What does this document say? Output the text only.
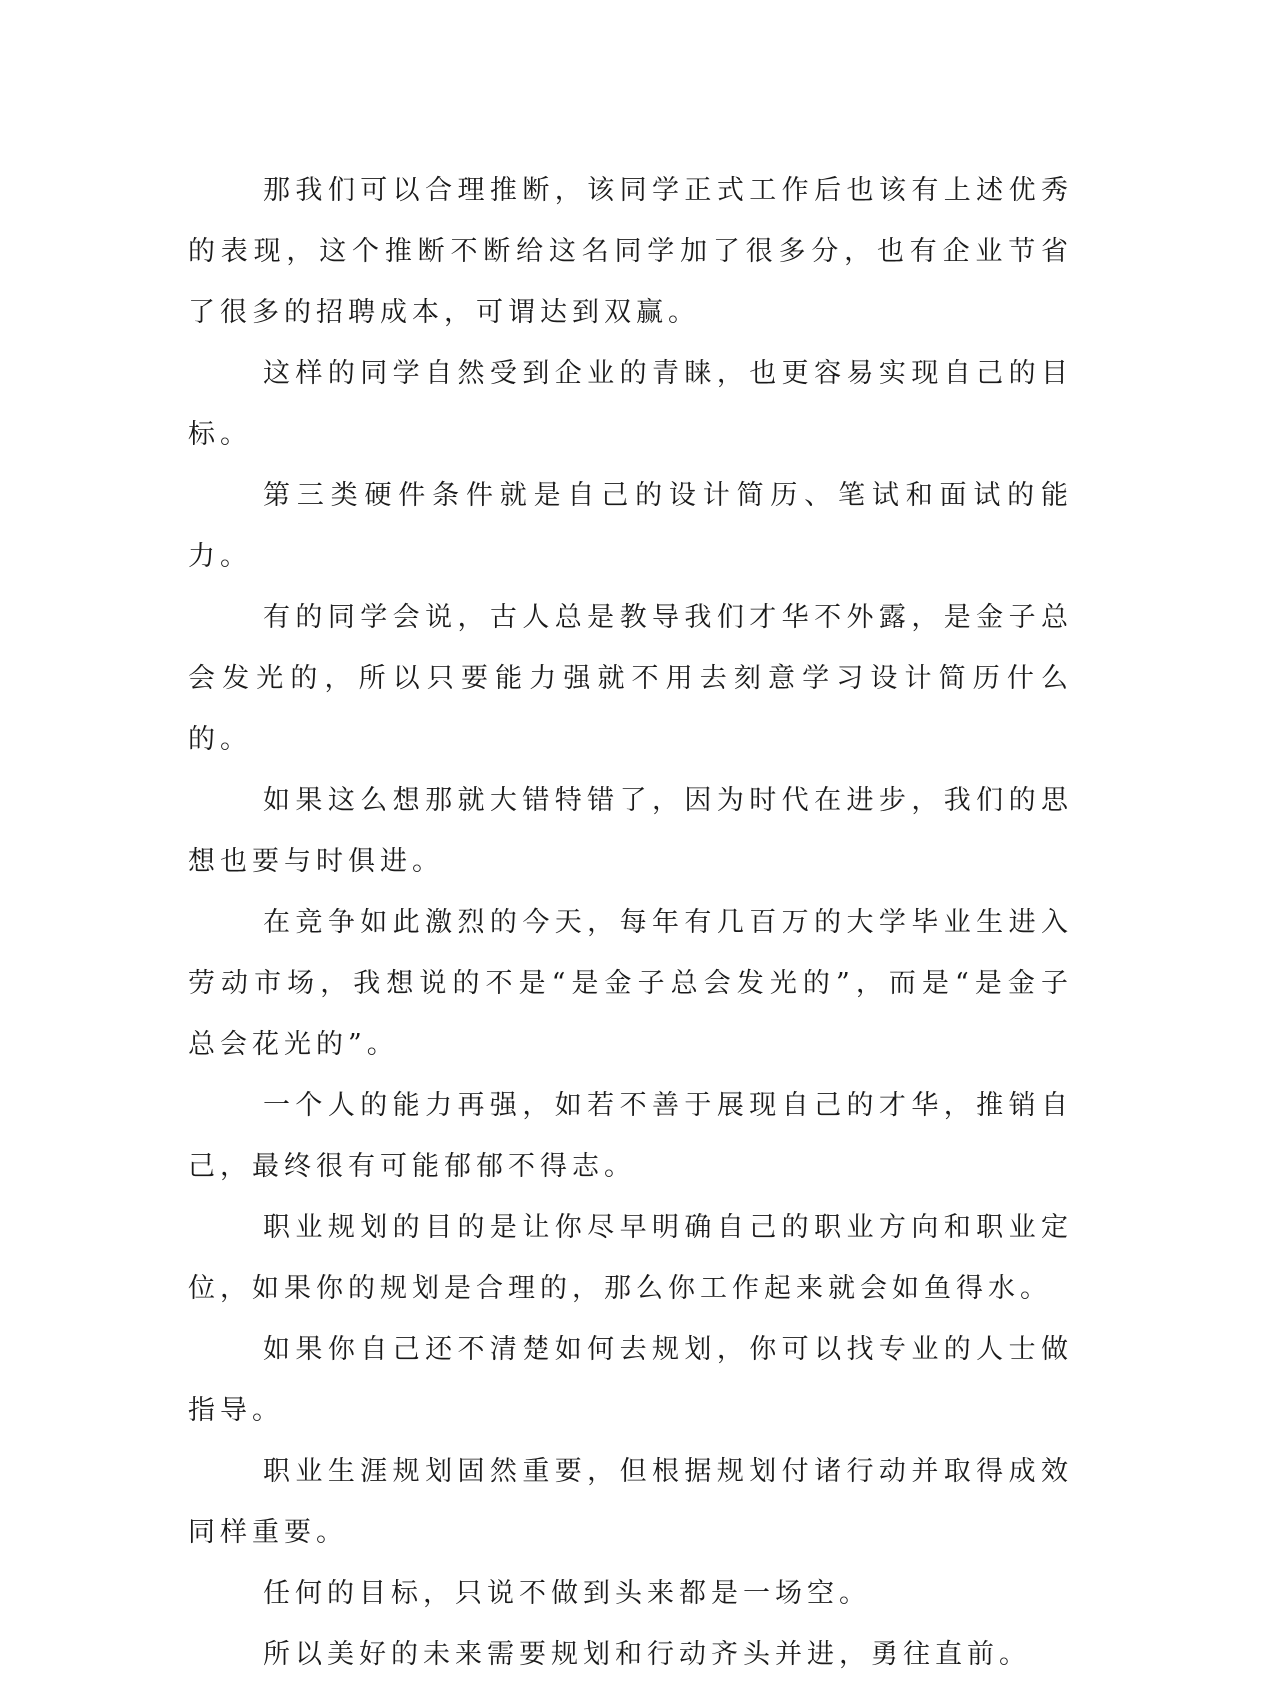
那我们可以合理推断，该同学正式工作后也该有上述优秀的表现，这个推断不断给这名同学加了很多分，也有企业节省了很多的招聘成本，可谓达到双赢。

这样的同学自然受到企业的青睐，也更容易实现自己的目标。

第三类硬件条件就是自己的设计简历、笔试和面试的能力。

有的同学会说，古人总是教导我们才华不外露，是金子总会发光的，所以只要能力强就不用去刻意学习设计简历什么的。

如果这么想那就大错特错了，因为时代在进步，我们的思想也要与时俱进。

在竞争如此激烈的今天，每年有几百万的大学毕业生进入劳动市场，我想说的不是“是金子总会发光的”，而是“是金子总会花光的”。

一个人的能力再强，如若不善于展现自己的才华，推销自己，最终很有可能郁郁不得志。

职业规划的目的是让你尽早明确自己的职业方向和职业定位，如果你的规划是合理的，那么你工作起来就会如鱼得水。

如果你自己还不清楚如何去规划，你可以找专业的人士做指导。

职业生涯规划固然重要，但根据规划付诸行动并取得成效同样重要。

任何的目标，只说不做到头来都是一场空。

所以美好的未来需要规划和行动齐头并进，勇往直前。
